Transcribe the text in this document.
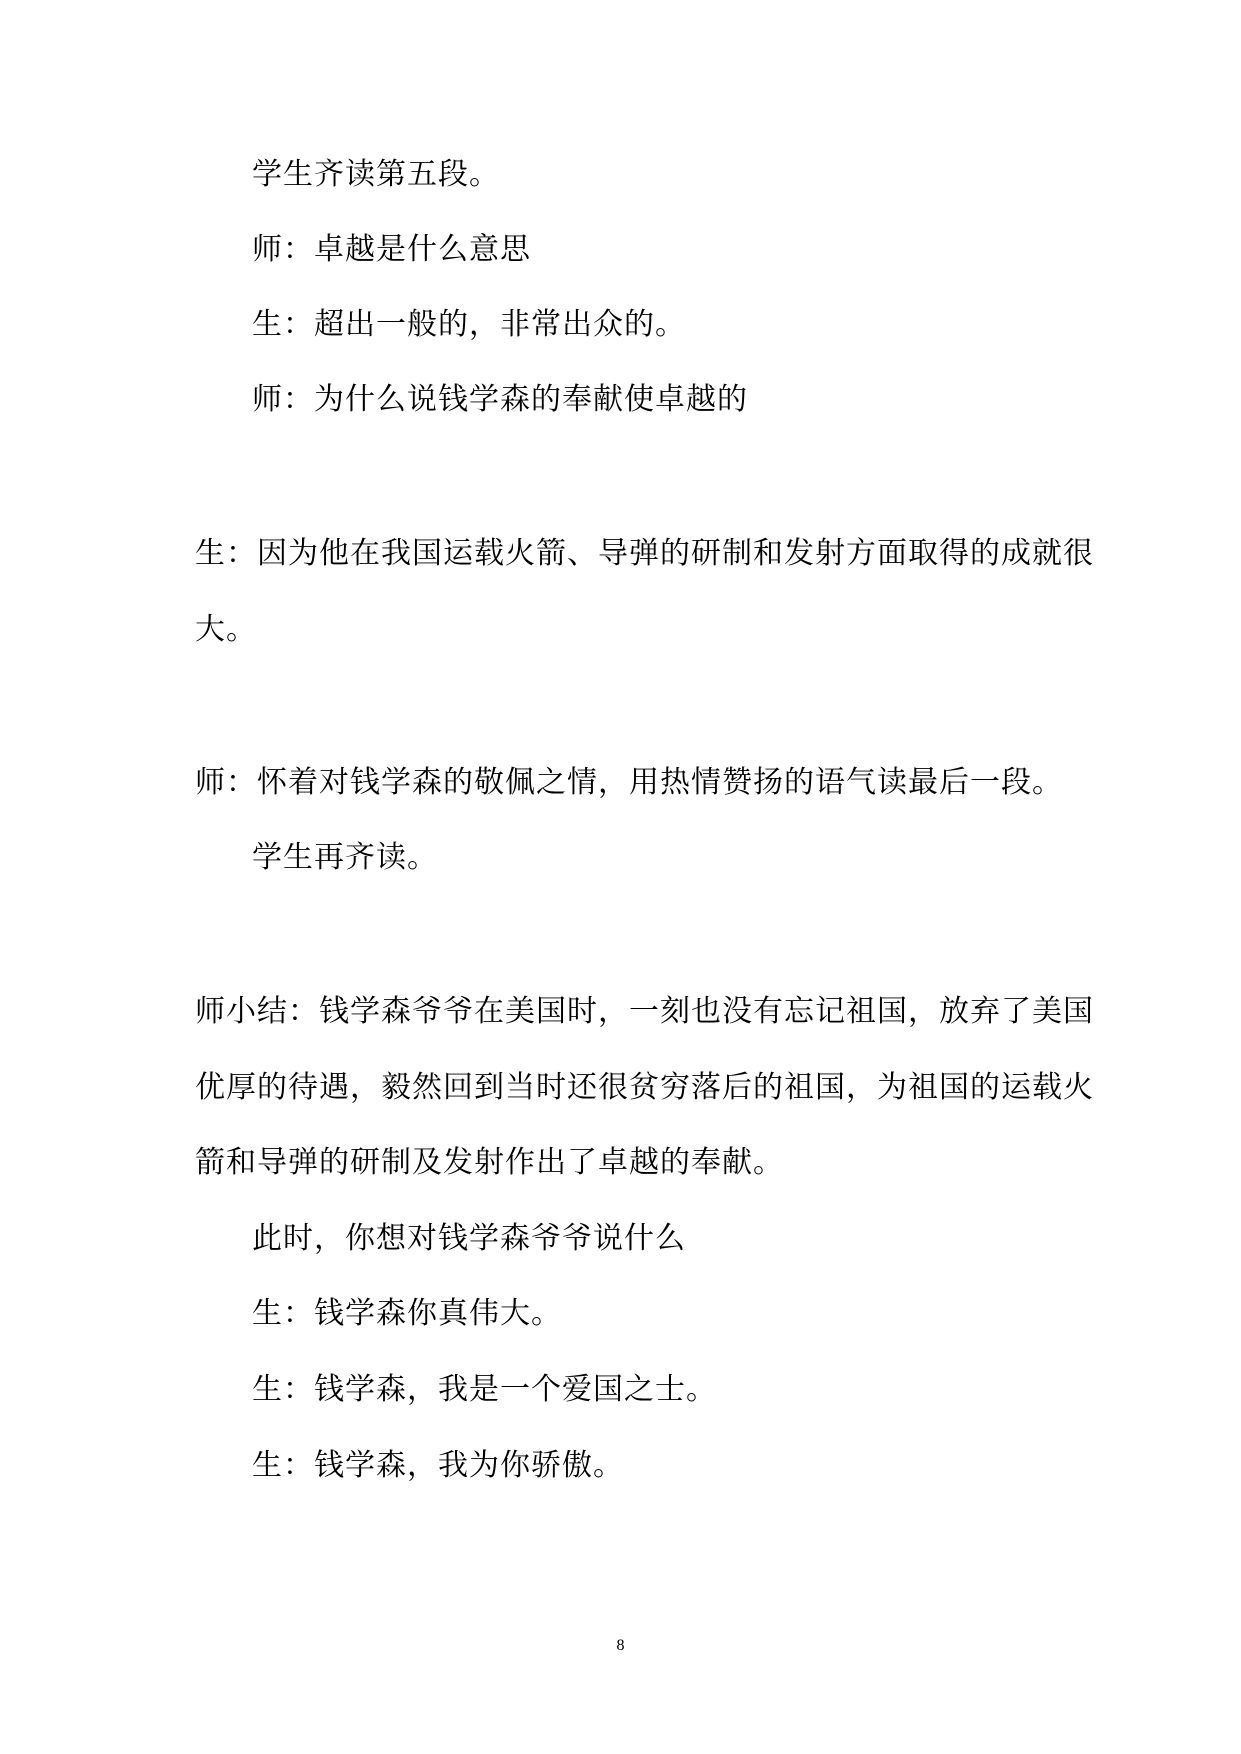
学生齐读第五段。
师：卓越是什么意思
生：超出一般的，非常出众的。
师：为什么说钱学森的奉献使卓越的
生：因为他在我国运载火箭、导弹的研制和发射方面取得的成就很
大。
师：怀着对钱学森的敬佩之情，用热情赞扬的语气读最后一段。
学生再齐读。
师小结：钱学森爷爷在美国时，一刻也没有忘记祖国，放弃了美国
优厚的待遇，毅然回到当时还很贫穷落后的祖国，为祖国的运载火
箭和导弹的研制及发射作出了卓越的奉献。
此时，你想对钱学森爷爷说什么
生：钱学森你真伟大。
生：钱学森，我是一个爱国之士。
生：钱学森，我为你骄傲。
8
